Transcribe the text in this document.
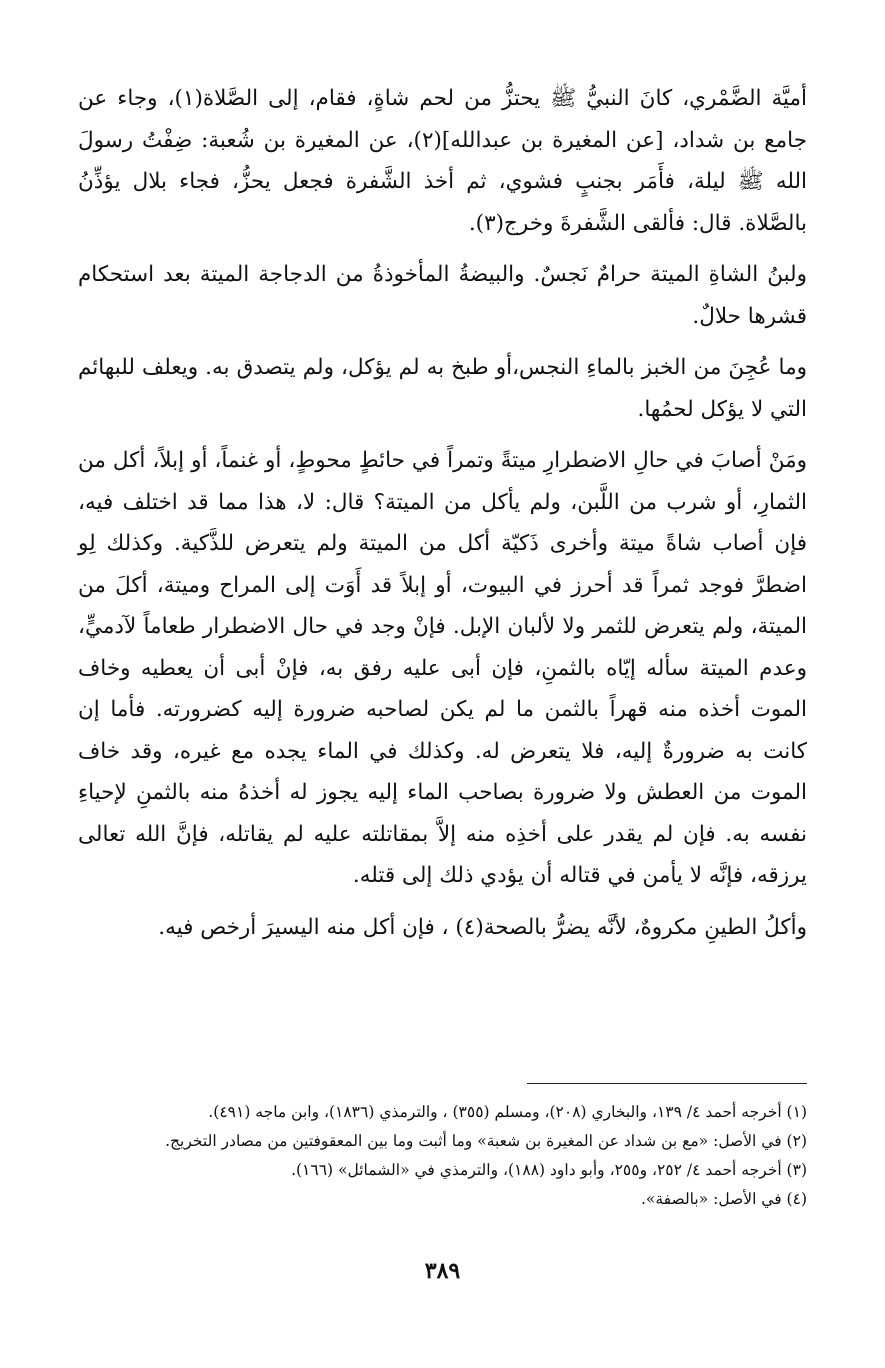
أميَّة الضَّمْري، كانَ النبيُّ ﷺ يحتزُّ من لحم شاةٍ، فقام، إلى الصَّلاة(١)، وجاء عن جامع بن شداد، [عن المغيرة بن عبدالله](٢)، عن المغيرة بن شُعبة: ضِفْتُ رسولَ الله ﷺ ليلة، فأَمَر بجنبٍ فشوي، ثم أخذ الشَّفرة فجعل يحزُّ، فجاء بلال يؤذِّنُ بالصَّلاة. قال: فألقى الشَّفرةَ وخرج(٣).

ولبنُ الشاةِ الميتة حرامٌ نَجسٌ. والبيضةُ المأخوذةُ من الدجاجة الميتة بعد استحكام قشرها حلالٌ.

وما عُجِنَ من الخبز بالماءِ النجس،أو طبخ به لم يؤكل، ولم يتصدق به. ويعلف للبهائم التي لا يؤكل لحمُها.

ومَنْ أصابَ في حالِ الاضطرارِ ميتةً وتمراً في حائطٍ محوطٍ، أو غنماً، أو إبلاً، أكل من الثمارِ، أو شرب من اللَّبن، ولم يأكل من الميتة؟ قال: لا، هذا مما قد اختلف فيه، فإن أصاب شاةً ميتة وأخرى ذَكيّة أكل من الميتة ولم يتعرض للذَّكية. وكذلك لِو اضطرَّ فوجد ثمراً قد أحرز في البيوت، أو إبلاً قد أَوَت إلى المراح وميتة، أكلَ من الميتة، ولم يتعرض للثمر ولا لألبان الإبل. فإنْ وجد في حال الاضطرار طعاماً لآدميٍّ، وعدم الميتة سأله إيّاه بالثمنِ، فإن أبى عليه رفق به، فإنْ أبى أن يعطيه وخاف الموت أخذه منه قهراً بالثمن ما لم يكن لصاحبه ضرورة إليه كضرورته. فأما إن كانت به ضرورةٌ إليه، فلا يتعرض له. وكذلك في الماء يجده مع غيره، وقد خاف الموت من العطش ولا ضرورة بصاحب الماء إليه يجوز له أخذهُ منه بالثمنِ لإحياءِ نفسه به. فإن لم يقدر على أخذِه منه إلاَّ بمقاتلته عليه لم يقاتله، فإنَّ الله تعالى يرزقه، فإنَّه لا يأمن في قتاله أن يؤدي ذلك إلى قتله.

وأكلُ الطينِ مكروهٌ، لأنَّه يضرُّ بالصحة(٤) ، فإن أكل منه اليسيرَ أرخص فيه.

(١) أخرجه أحمد ٤/ ١٣٩، والبخاري (٢٠٨)، ومسلم (٣٥٥) ، والترمذي (١٨٣٦)، وابن ماجه (٤٩١).

(٢) في الأصل: «مع بن شداد عن المغيرة بن شعبة» وما أثبت وما بين المعقوفتين من مصادر التخريج.

(٣) أخرجه أحمد ٤/ ٢٥٢، و٢٥٥، وأبو داود (١٨٨)، والترمذي في «الشمائل» (١٦٦).

(٤) في الأصل: «بالصفة».

٣٨٩
